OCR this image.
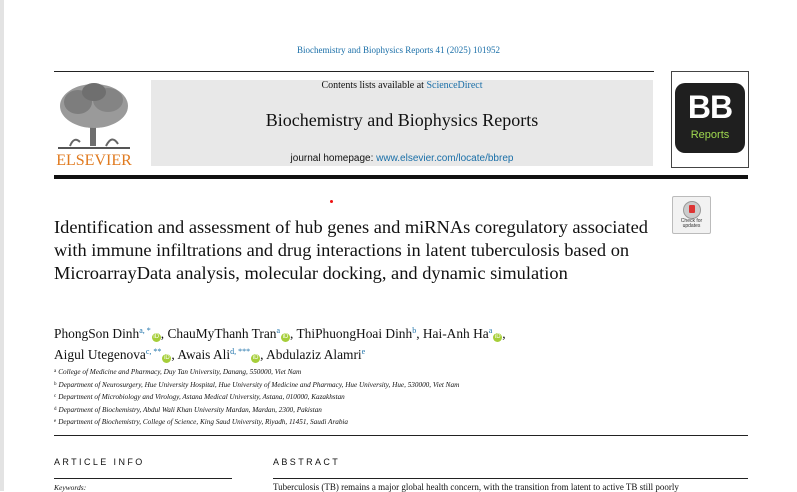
Biochemistry and Biophysics Reports 41 (2025) 101952
ELSEVIER
Contents lists available at ScienceDirect
Biochemistry and Biophysics Reports
journal homepage: www.elsevier.com/locate/bbrep
BB
Reports
Identification and assessment of hub genes and miRNAs coregulatory associated with immune infiltrations and drug interactions in latent tuberculosis based on MicroarrayData analysis, molecular docking, and dynamic simulation
Check for
updates
PhongSon Dinh$^{a, *}$iD , ChauMyThanh Tran$^a$iD , ThiPhuongHoai Dinh$^b$, Hai-Anh Ha$^a$iD ,
Aigul Utegenova$^{c, **}$iD , Awais Ali$^{d, ***}$iD , Abdulaziz Alamri$^e$
$^a$ College of Medicine and Pharmacy, Duy Tan University, Danang, 550000, Viet Nam
$^b$ Department of Neurosurgery, Hue University Hospital, Hue University of Medicine and Pharmacy, Hue University, Hue, 530000, Viet Nam
$^c$ Department of Microbiology and Virology, Astana Medical University, Astana, 010000, Kazakhstan
$^d$ Department of Biochemistry, Abdul Wali Khan University Mardan, Mardan, 2300, Pakistan
$^e$ Department of Biochemistry, College of Science, King Saud University, Riyadh, 11451, Saudi Arabia
ARTICLE INFO	ABSTRACT
Keywords:	Tuberculosis (TB) remains a major global health concern, with the transition from latent to active TB still poorly
